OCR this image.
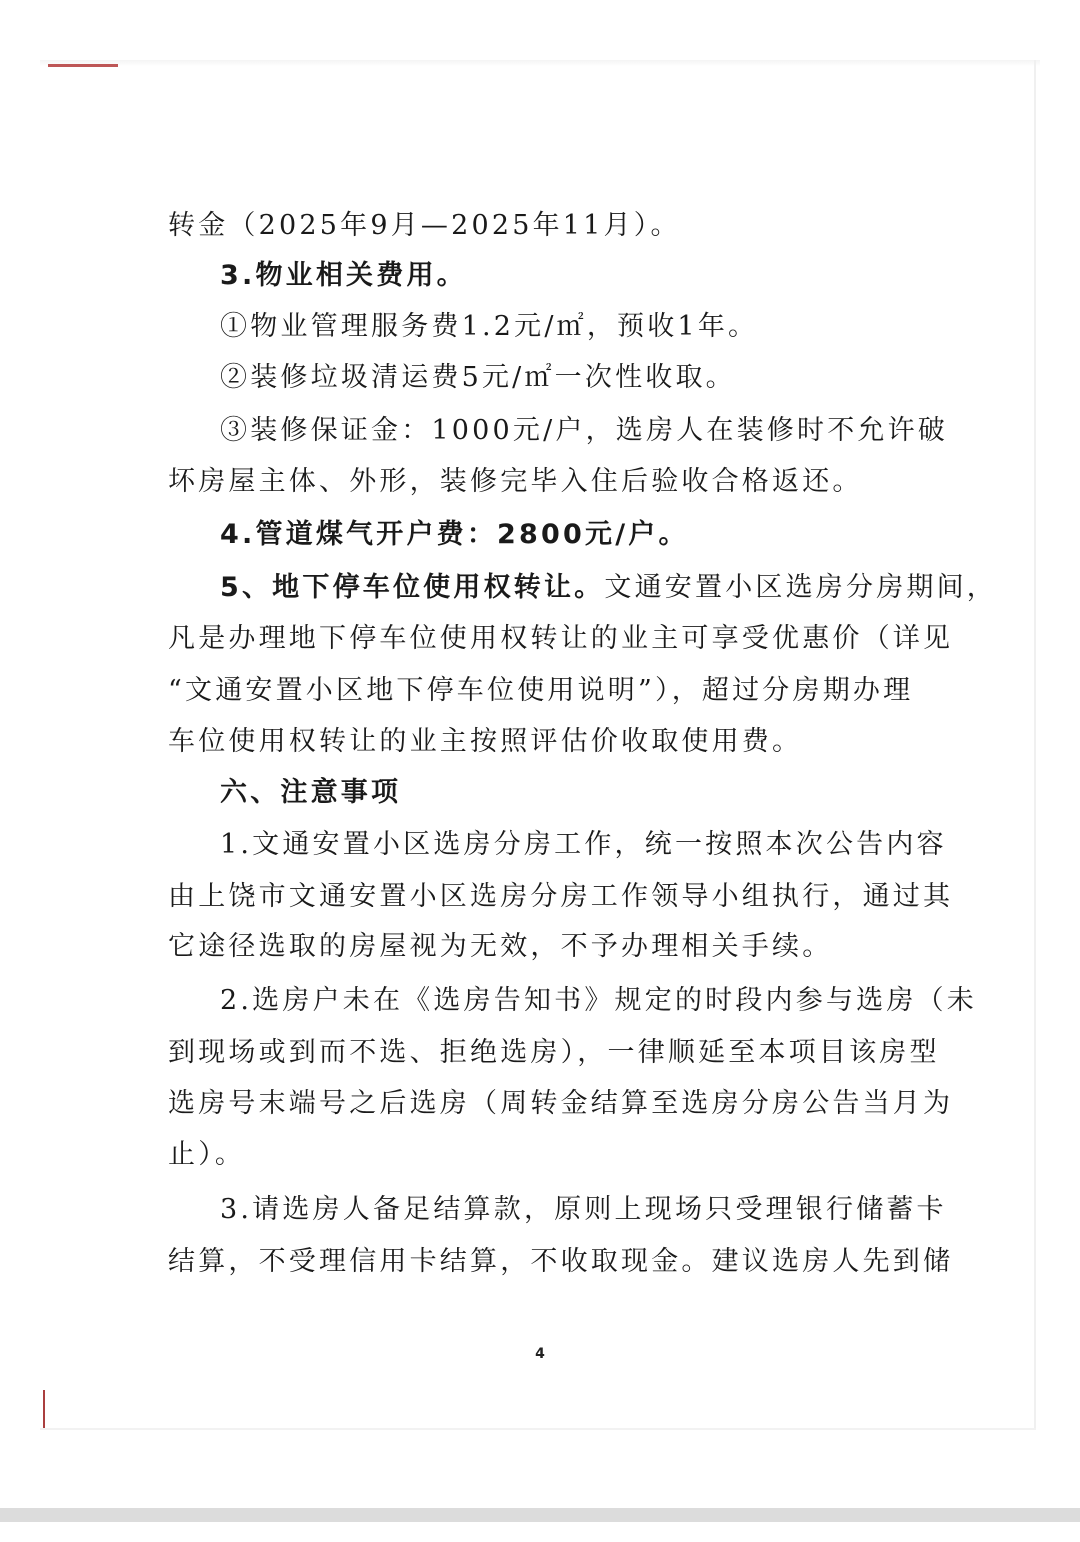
转金（2025年9月—2025年11月）。
3.物业相关费用。
①物业管理服务费1.2元/㎡，预收1年。
②装修垃圾清运费5元/㎡一次性收取。
③装修保证金：1000元/户，选房人在装修时不允许破
坏房屋主体、外形，装修完毕入住后验收合格返还。
4.管道煤气开户费：2800元/户。
5、地下停车位使用权转让。文通安置小区选房分房期间，
凡是办理地下停车位使用权转让的业主可享受优惠价（详见
“文通安置小区地下停车位使用说明”），超过分房期办理
车位使用权转让的业主按照评估价收取使用费。
六、注意事项
1.文通安置小区选房分房工作，统一按照本次公告内容
由上饶市文通安置小区选房分房工作领导小组执行，通过其
它途径选取的房屋视为无效，不予办理相关手续。
2.选房户未在《选房告知书》规定的时段内参与选房（未
到现场或到而不选、拒绝选房），一律顺延至本项目该房型
选房号末端号之后选房（周转金结算至选房分房公告当月为
止）。
3.请选房人备足结算款，原则上现场只受理银行储蓄卡
结算，不受理信用卡结算，不收取现金。建议选房人先到储
4
